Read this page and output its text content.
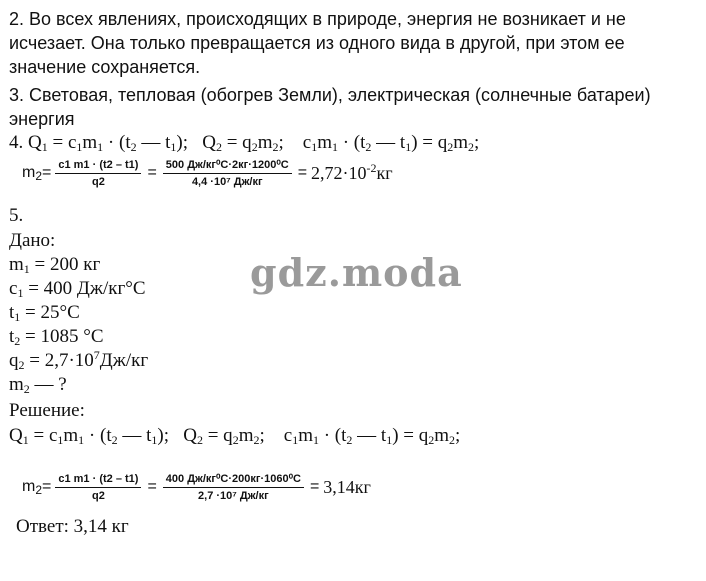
2. Во всех явлениях, происходящих в природе, энергия не возникает и не
исчезает. Она только превращается из одного вида в другой, при этом ее
значение сохраняется.
3. Световая, тепловая (обогрев Земли), электрическая (солнечные батареи)
энергия
4. $Q_1 = c_1m_1 \cdot (t_2$ — $t_1$);   $Q_2 = q_2m_2$;    $c_1m_1 \cdot (t_2$ — $t_1) = q_2m_2$;
$m_2= \frac{c1 m1 \cdot (t2 - t1)}{q2} = \frac{\text{500 Дж/кг⁰С·2кг·1200⁰С}}{\text{4,4 ·10⁷ Дж/кг}} = 2,72\cdot 10^{-2}кг$
5.
Дано:
$m_1 = 200$ кг
$c_1 = 400$ Дж/кг°С
$t_1 = 25^\circ С$
$t_2 = 1085$ °С
$q_2 = 2,7\cdot 10^7Дж/кг$
$m_2$ — ?
Решение:
$Q_1 = c_1m_1 \cdot (t_2$ — $t_1$);   $Q_2 = q_2m_2$;    $c_1m_1 \cdot (t_2$ — $t_1) = q_2m_2$;
$m_2= \frac{c1 m1 \cdot (t2 - t1)}{q2} = \frac{\text{400 Дж/кг⁰С·200кг·1060⁰С}}{\text{2,7 ·10⁷ Дж/кг}} = 3,14кг$
Ответ: 3,14 кг
gdz.moda
